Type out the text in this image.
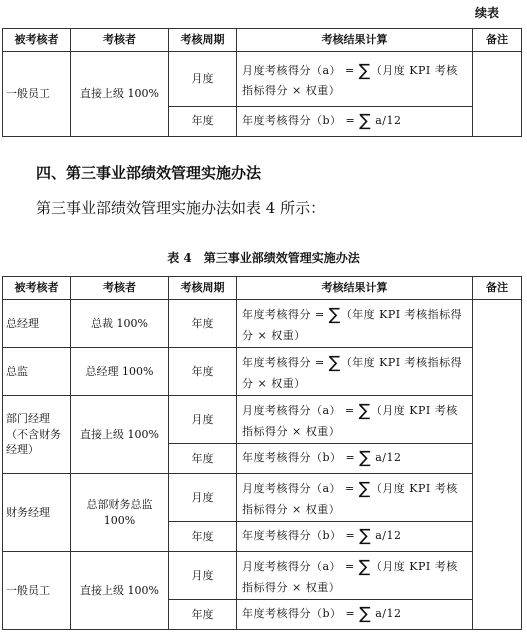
续表
被考核者	考核者	考核周期	考核结果计算	备注
一般员工	直接上级 100%	月度	月度考核得分（a） = ∑（月度 KPI 考核指标得分 × 权重）	
		年度	年度考核得分（b） = ∑ a/12	
四、第三事业部绩效管理实施办法
第三事业部绩效管理实施办法如表 4 所示：
表 4　第三事业部绩效管理实施办法
被考核者	考核者	考核周期	考核结果计算	备注
总经理	总裁 100%	年度	年度考核得分 = ∑（年度 KPI 考核指标得分 × 权重）	
总监	总经理 100%	年度	年度考核得分 = ∑（年度 KPI 考核指标得分 × 权重）	
部门经理（不含财务经理）	直接上级 100%	月度	月度考核得分（a） = ∑（月度 KPI 考核指标得分 × 权重）	
		年度	年度考核得分（b） = ∑ a/12	
财务经理	总部财务总监 100%	月度	月度考核得分（a） = ∑（月度 KPI 考核指标得分 × 权重）	
		年度	年度考核得分（b） = ∑ a/12	
一般员工	直接上级 100%	月度	月度考核得分（a） = ∑（月度 KPI 考核指标得分 × 权重）	
		年度	年度考核得分（b） = ∑ a/12	
